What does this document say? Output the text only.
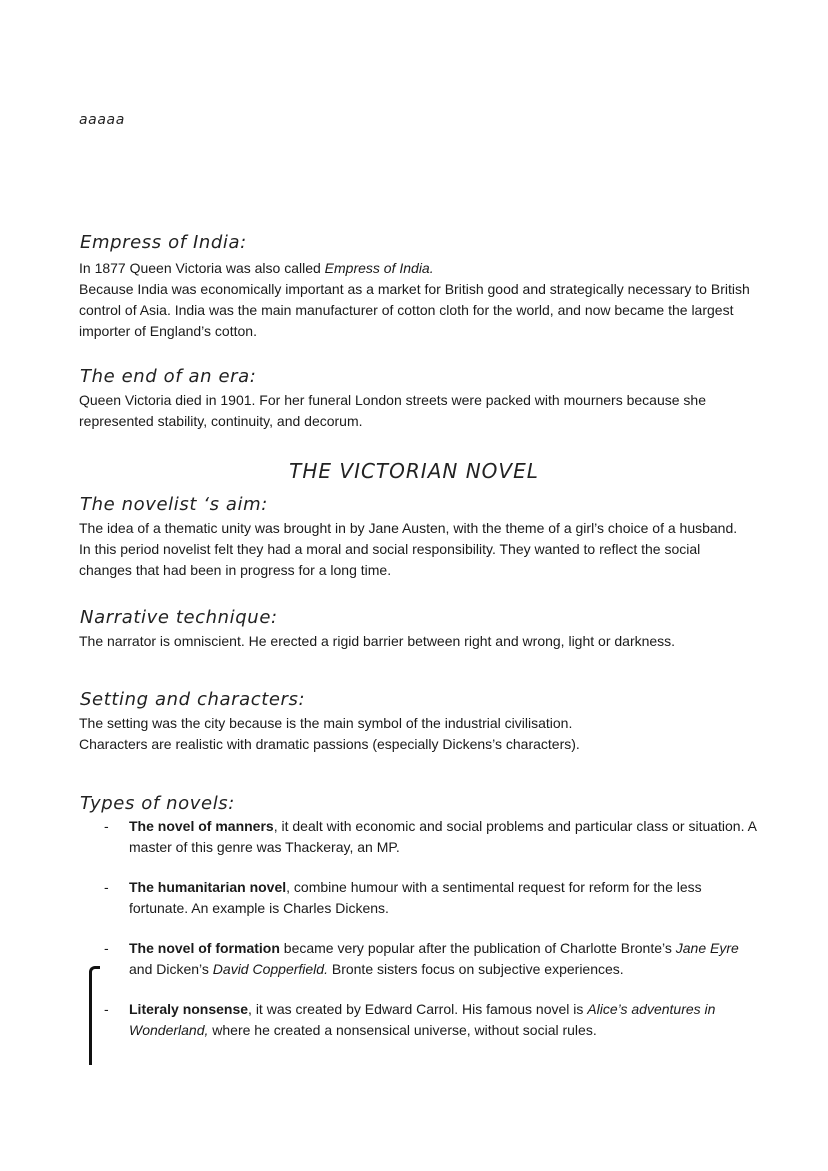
aaaaa
Empress of India:

In 1877 Queen Victoria was also called Empress of India.
Because India was economically important as a market for British good and strategically necessary to British control of Asia. India was the main manufacturer of cotton cloth for the world, and now became the largest importer of England’s cotton.

The end of an era:

Queen Victoria died in 1901. For her funeral London streets were packed with mourners because she represented stability, continuity, and decorum.

THE VICTORIAN NOVEL
The novelist ‘s aim:

The idea of a thematic unity was brought in by Jane Austen, with the theme of a girl’s choice of a husband. In this period novelist felt they had a moral and social responsibility. They wanted to reflect the social changes that had been in progress for a long time.

Narrative technique:

The narrator is omniscient. He erected a rigid barrier between right and wrong, light or darkness.

Setting and characters:

The setting was the city because is the main symbol of the industrial civilisation.
Characters are realistic with dramatic passions (especially Dickens’s characters).

Types of novels:
- The novel of manners, it dealt with economic and social problems and particular class or situation. A master of this genre was Thackeray, an MP.
- The humanitarian novel, combine humour with a sentimental request for reform for the less fortunate. An example is Charles Dickens.
- The novel of formation became very popular after the publication of Charlotte Bronte’s Jane Eyre and Dicken’s David Copperfield. Bronte sisters focus on subjective experiences.
- Literaly nonsense, it was created by Edward Carrol. His famous novel is Alice’s adventures in Wonderland, where he created a nonsensical universe, without social rules.
